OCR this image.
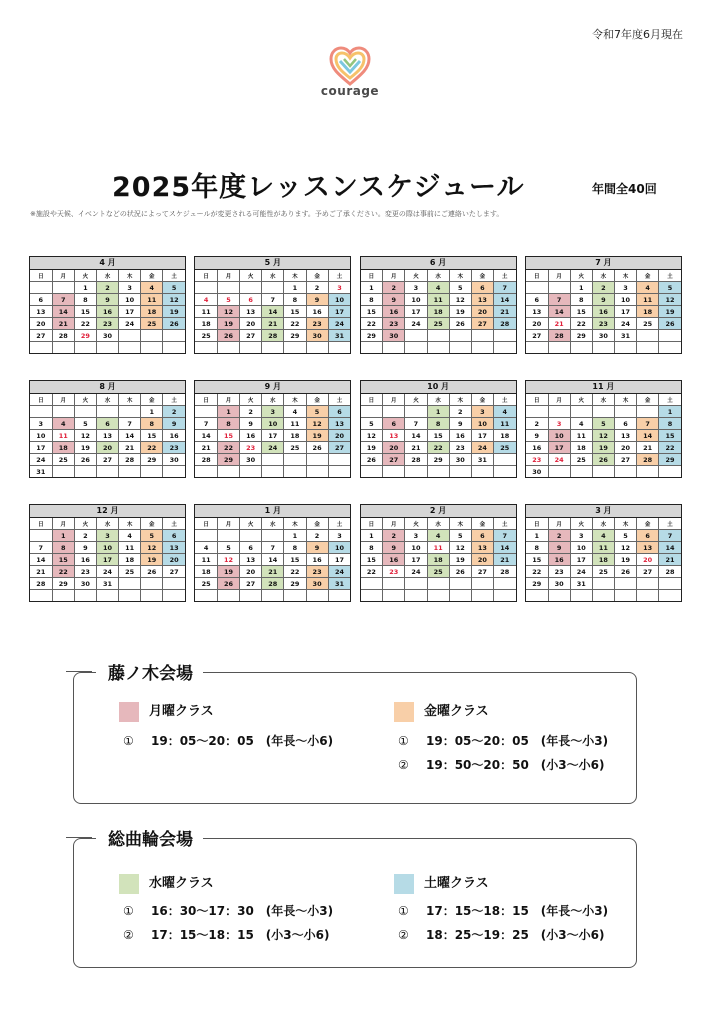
令和7年度6月現在
courage
2025年度レッスンスケジュール	年間全40回
※施設や天候、イベントなどの状況によってスケジュールが変更される可能性があります。予めご了承ください。変更の際は事前にご連絡いたします。
4 月
日	月	火	水	木	金	土
		1	2	3	4	5
6	7	8	9	10	11	12
13	14	15	16	17	18	19
20	21	22	23	24	25	26
27	28	29	30			

5 月
日	月	火	水	木	金	土
				1	2	3
4	5	6	7	8	9	10
11	12	13	14	15	16	17
18	19	20	21	22	23	24
25	26	27	28	29	30	31

6 月
日	月	火	水	木	金	土
1	2	3	4	5	6	7
8	9	10	11	12	13	14
15	16	17	18	19	20	21
22	23	24	25	26	27	28
29	30					

7 月
日	月	火	水	木	金	土
		1	2	3	4	5
6	7	8	9	10	11	12
13	14	15	16	17	18	19
20	21	22	23	24	25	26
27	28	29	30	31		

8 月
日	月	火	水	木	金	土
					1	2
3	4	5	6	7	8	9
10	11	12	13	14	15	16
17	18	19	20	21	22	23
24	25	26	27	28	29	30
31						
9 月
日	月	火	水	木	金	土
	1	2	3	4	5	6
7	8	9	10	11	12	13
14	15	16	17	18	19	20
21	22	23	24	25	26	27
28	29	30				

10 月
日	月	火	水	木	金	土
			1	2	3	4
5	6	7	8	9	10	11
12	13	14	15	16	17	18
19	20	21	22	23	24	25
26	27	28	29	30	31	

11 月
日	月	火	水	木	金	土
						1
2	3	4	5	6	7	8
9	10	11	12	13	14	15
16	17	18	19	20	21	22
23	24	25	26	27	28	29
30						
12 月
日	月	火	水	木	金	土
	1	2	3	4	5	6
7	8	9	10	11	12	13
14	15	16	17	18	19	20
21	22	23	24	25	26	27
28	29	30	31			

1 月
日	月	火	水	木	金	土
				1	2	3
4	5	6	7	8	9	10
11	12	13	14	15	16	17
18	19	20	21	22	23	24
25	26	27	28	29	30	31

2 月
日	月	火	水	木	金	土
1	2	3	4	5	6	7
8	9	10	11	12	13	14
15	16	17	18	19	20	21
22	23	24	25	26	27	28

3 月
日	月	火	水	木	金	土
1	2	3	4	5	6	7
8	9	10	11	12	13	14
15	16	17	18	19	20	21
22	23	24	25	26	27	28
29	30	31				

藤ノ木会場
月曜クラス
① 19：05～20：05　(年長～小6)
金曜クラス
① 19：05～20：05　(年長～小3)
② 19：50～20：50　(小3～小6)
総曲輪会場
水曜クラス
① 16：30～17：30　(年長～小3)
② 17：15～18：15　(小3～小6)
土曜クラス
① 17：15～18：15　(年長～小3)
② 18：25～19：25　(小3～小6)
